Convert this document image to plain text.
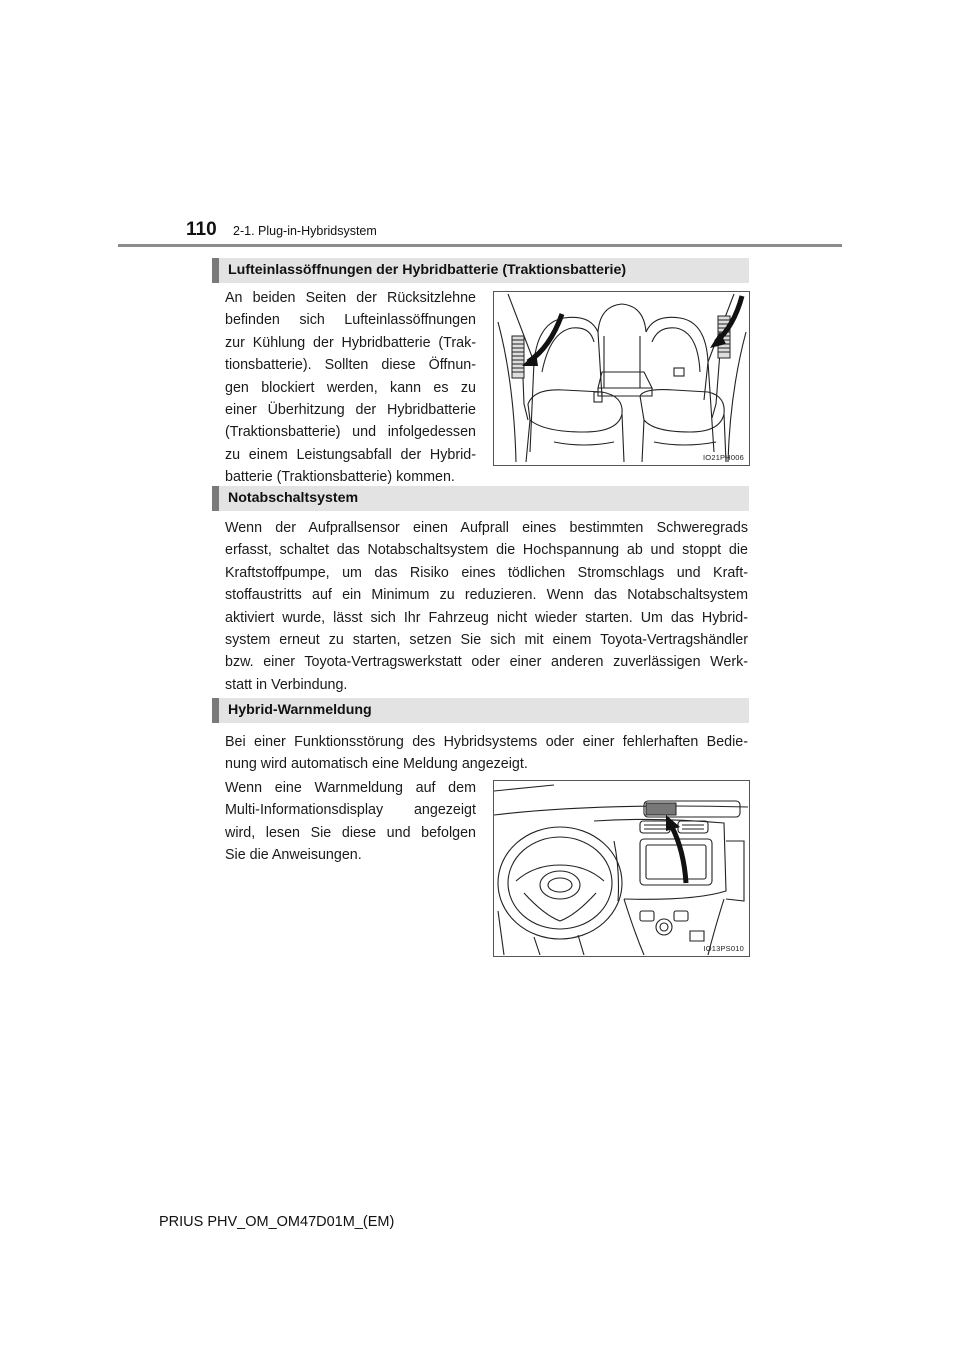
110 2-1. Plug-in-Hybridsystem
Lufteinlassöffnungen der Hybridbatterie (Traktionsbatterie)
An beiden Seiten der Rücksitzlehne
befinden sich Lufteinlassöffnungen
zur Kühlung der Hybridbatterie (Trak-
tionsbatterie). Sollten diese Öffnun-
gen blockiert werden, kann es zu
einer Überhitzung der Hybridbatterie
(Traktionsbatterie) und infolgedessen
zu einem Leistungsabfall der Hybrid-
batterie (Traktionsbatterie) kommen.
IO21PH006
Notabschaltsystem
Wenn der Aufprallsensor einen Aufprall eines bestimmten Schweregrads
erfasst, schaltet das Notabschaltsystem die Hochspannung ab und stoppt die
Kraftstoffpumpe, um das Risiko eines tödlichen Stromschlags und Kraft-
stoffaustritts auf ein Minimum zu reduzieren. Wenn das Notabschaltsystem
aktiviert wurde, lässt sich Ihr Fahrzeug nicht wieder starten. Um das Hybrid-
system erneut zu starten, setzen Sie sich mit einem Toyota-Vertragshändler
bzw. einer Toyota-Vertragswerkstatt oder einer anderen zuverlässigen Werk-
statt in Verbindung.
Hybrid-Warnmeldung
Bei einer Funktionsstörung des Hybridsystems oder einer fehlerhaften Bedie-
nung wird automatisch eine Meldung angezeigt.
Wenn eine Warnmeldung auf dem
Multi-Informationsdisplay angezeigt
wird, lesen Sie diese und befolgen
Sie die Anweisungen.
IO13PS010
PRIUS PHV_OM_OM47D01M_(EM)
